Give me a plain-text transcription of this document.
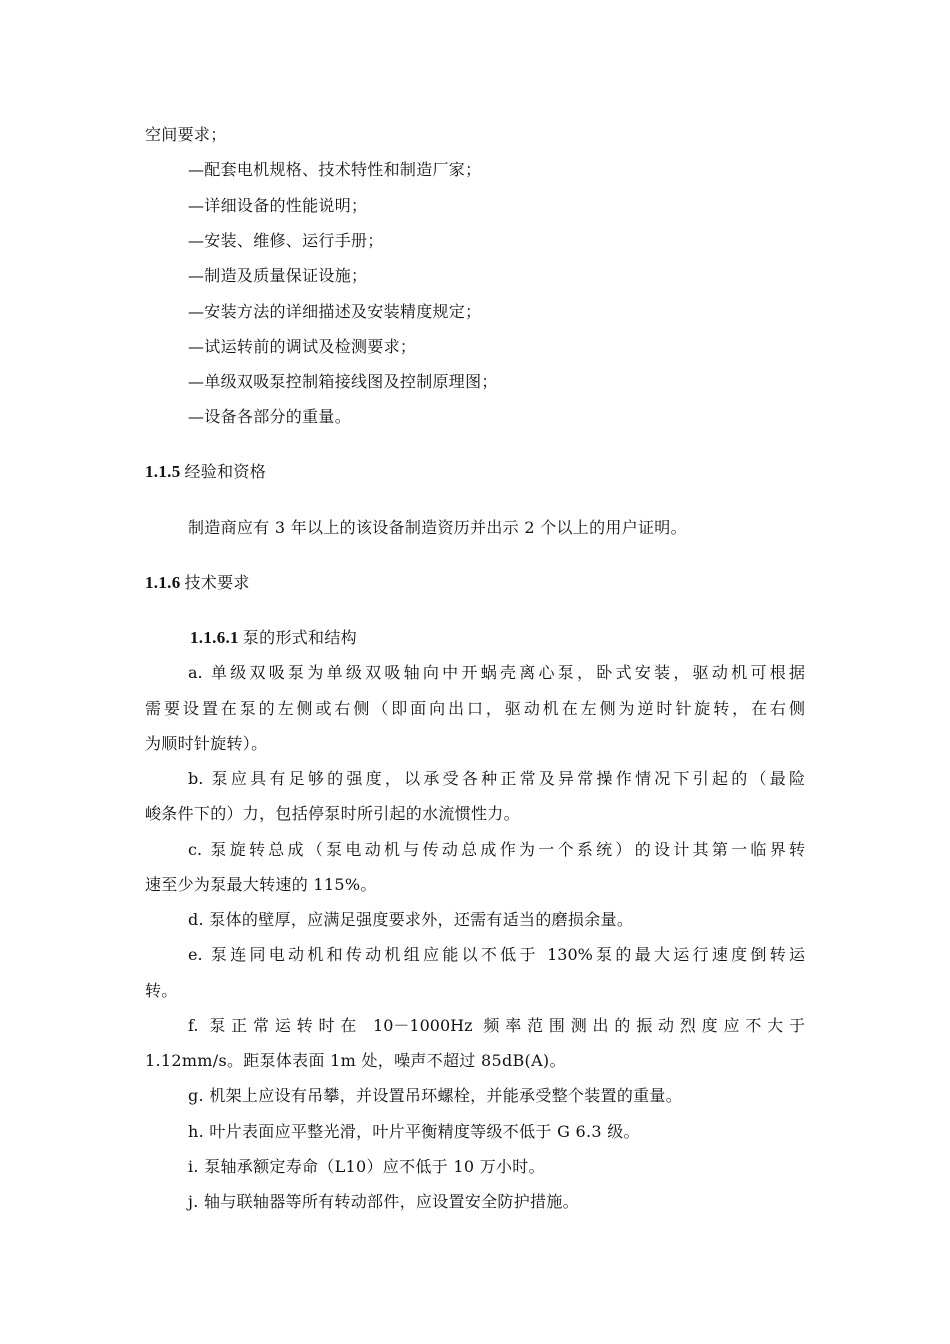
空间要求；
—配套电机规格、技术特性和制造厂家；
—详细设备的性能说明；
—安装、维修、运行手册；
—制造及质量保证设施；
—安装方法的详细描述及安装精度规定；
—试运转前的调试及检测要求；
—单级双吸泵控制箱接线图及控制原理图；
—设备各部分的重量。
1.1.5 经验和资格
制造商应有 3 年以上的该设备制造资历并出示 2 个以上的用户证明。
1.1.6 技术要求
1.1.6.1 泵的形式和结构
a. 单级双吸泵为单级双吸轴向中开蜗壳离心泵，卧式安装，驱动机可根据
需要设置在泵的左侧或右侧（即面向出口，驱动机在左侧为逆时针旋转，在右侧
为顺时针旋转）。
b. 泵应具有足够的强度，以承受各种正常及异常操作情况下引起的（最险
峻条件下的）力，包括停泵时所引起的水流惯性力。
c. 泵旋转总成（泵电动机与传动总成作为一个系统）的设计其第一临界转
速至少为泵最大转速的 115%。
d. 泵体的壁厚，应满足强度要求外，还需有适当的磨损余量。
e. 泵连同电动机和传动机组应能以不低于 130%泵的最大运行速度倒转运
转。
f. 泵正常运转时在 10－1000Hz 频率范围测出的振动烈度应不大于
1.12mm/s。距泵体表面 1m 处，噪声不超过 85dB(A)。
g. 机架上应设有吊攀，并设置吊环螺栓，并能承受整个装置的重量。
h. 叶片表面应平整光滑，叶片平衡精度等级不低于 G 6.3 级。
i. 泵轴承额定寿命（L10）应不低于 10 万小时。
j. 轴与联轴器等所有转动部件，应设置安全防护措施。
